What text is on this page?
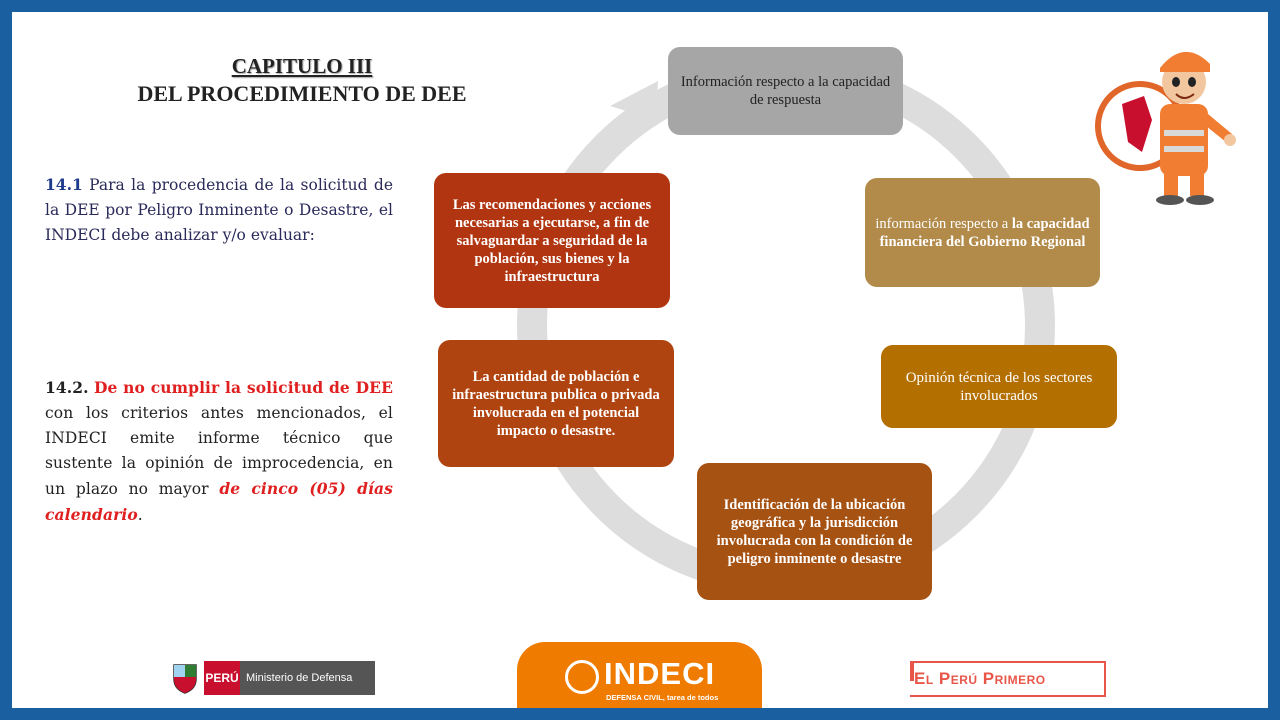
CAPITULO III
DEL PROCEDIMIENTO DE DEE
14.1 Para la procedencia de la solicitud de la DEE por Peligro Inminente o Desastre, el INDECI debe analizar y/o evaluar:
14.2. De no cumplir la solicitud de DEE con los criterios antes mencionados, el INDECI emite informe técnico que sustente la opinión de improcedencia, en un plazo no mayor de cinco (05) días calendario.
Información respecto a la capacidad de respuesta
información respecto a la capacidad financiera del Gobierno Regional
Opinión técnica de los sectores involucrados
Identificación de la ubicación geográfica y la jurisdicción involucrada con la condición de peligro inminente o desastre
La cantidad de población e infraestructura publica o privada involucrada en el potencial impacto o desastre.
Las recomendaciones y acciones necesarias a ejecutarse, a fin de salvaguardar a seguridad de la población, sus bienes y la infraestructura
PERÚ Ministerio de Defensa	INDECI
DEFENSA CIVIL, tarea de todos
El Perú Primero
